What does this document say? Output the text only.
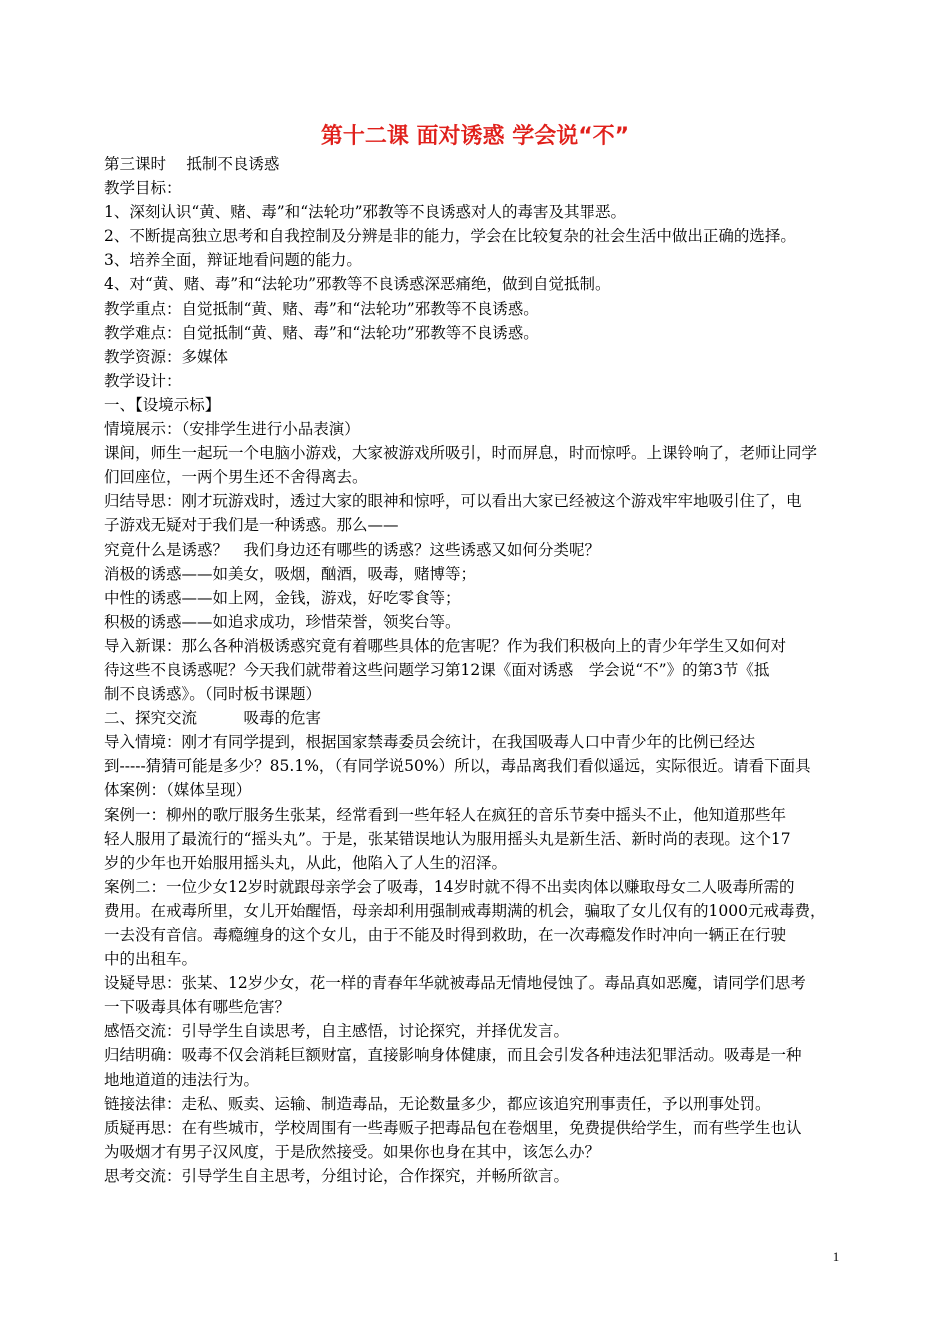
第十二课 面对诱惑 学会说“不”

第三课时　 抵制不良诱惑

教学目标：

1、深刻认识“黄、赌、毒”和“法轮功”邪教等不良诱惑对人的毒害及其罪恶。

2、不断提高独立思考和自我控制及分辨是非的能力，学会在比较复杂的社会生活中做出正确的选择。

3、培养全面，辩证地看问题的能力。

4、对“黄、赌、毒”和“法轮功”邪教等不良诱惑深恶痛绝，做到自觉抵制。

教学重点：自觉抵制“黄、赌、毒”和“法轮功”邪教等不良诱惑。

教学难点：自觉抵制“黄、赌、毒”和“法轮功”邪教等不良诱惑。

教学资源：多媒体

教学设计：

一、【设境示标】

情境展示：（安排学生进行小品表演）

课间，师生一起玩一个电脑小游戏，大家被游戏所吸引，时而屏息，时而惊呼。上课铃响了，老师让同学

们回座位，一两个男生还不舍得离去。

归结导思：刚才玩游戏时，透过大家的眼神和惊呼，可以看出大家已经被这个游戏牢牢地吸引住了，电

子游戏无疑对于我们是一种诱惑。那么——

究竟什么是诱惑？　我们身边还有哪些的诱惑？这些诱惑又如何分类呢？

消极的诱惑——如美女，吸烟，酗酒，吸毒，赌博等；

中性的诱惑——如上网，金钱，游戏，好吃零食等；

积极的诱惑——如追求成功，珍惜荣誉，领奖台等。

导入新课：那么各种消极诱惑究竟有着哪些具体的危害呢？作为我们积极向上的青少年学生又如何对

待这些不良诱惑呢？今天我们就带着这些问题学习第12课《面对诱惑　学会说“不”》的第3节《抵

制不良诱惑》。（同时板书课题）

二、探究交流　　　吸毒的危害

导入情境：刚才有同学提到，根据国家禁毒委员会统计，在我国吸毒人口中青少年的比例已经达

到-----猜猜可能是多少？85.1%，（有同学说50%）所以，毒品离我们看似遥远，实际很近。请看下面具

体案例：（媒体呈现）

案例一：柳州的歌厅服务生张某，经常看到一些年轻人在疯狂的音乐节奏中摇头不止，他知道那些年

轻人服用了最流行的“摇头丸”。于是，张某错误地认为服用摇头丸是新生活、新时尚的表现。这个17

岁的少年也开始服用摇头丸，从此，他陷入了人生的沼泽。

案例二：一位少女12岁时就跟母亲学会了吸毒，14岁时就不得不出卖肉体以赚取母女二人吸毒所需的

费用。在戒毒所里，女儿开始醒悟，母亲却利用强制戒毒期满的机会，骗取了女儿仅有的1000元戒毒费，

一去没有音信。毒瘾缠身的这个女儿，由于不能及时得到救助，在一次毒瘾发作时冲向一辆正在行驶

中的出租车。

设疑导思：张某、12岁少女，花一样的青春年华就被毒品无情地侵蚀了。毒品真如恶魔，请同学们思考

一下吸毒具体有哪些危害？

感悟交流：引导学生自读思考，自主感悟，讨论探究，并择优发言。

归结明确：吸毒不仅会消耗巨额财富，直接影响身体健康，而且会引发各种违法犯罪活动。吸毒是一种

地地道道的违法行为。

链接法律：走私、贩卖、运输、制造毒品，无论数量多少，都应该追究刑事责任，予以刑事处罚。

质疑再思：在有些城市，学校周围有一些毒贩子把毒品包在卷烟里，免费提供给学生，而有些学生也认

为吸烟才有男子汉风度，于是欣然接受。如果你也身在其中，该怎么办？

思考交流：引导学生自主思考，分组讨论，合作探究，并畅所欲言。

1
